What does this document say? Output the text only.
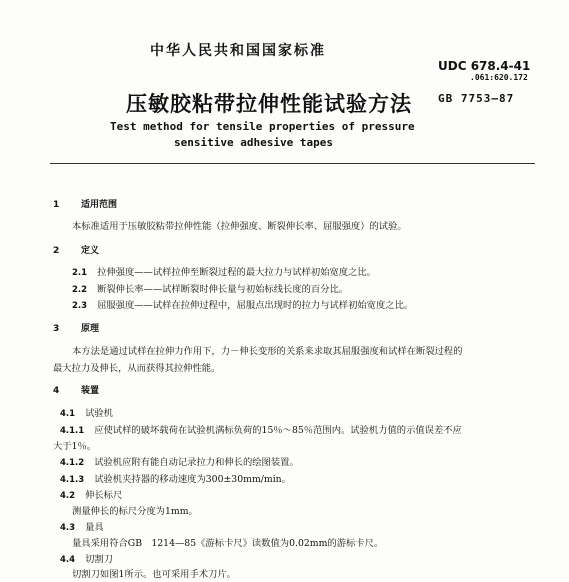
中华人民共和国国家标准
UDC 678.4-41
.061:620.172
压敏胶粘带拉伸性能试验方法 GB 7753—87
Test method for tensile properties of pressure
sensitive adhesive tapes
1 适用范围
本标准适用于压敏胶粘带拉伸性能（拉伸强度、断裂伸长率、屈服强度）的试验。
2 定义
2.1 拉伸强度——试样拉伸至断裂过程的最大拉力与试样初始宽度之比。
2.2 断裂伸长率——试样断裂时伸长量与初始标线长度的百分比。
2.3 屈服强度——试样在拉伸过程中，屈服点出现时的拉力与试样初始宽度之比。
3 原理
本方法是通过试样在拉伸力作用下，力－伸长变形的关系来求取其屈服强度和试样在断裂过程的
最大拉力及伸长，从而获得其拉伸性能。
4 装置
4.1 试验机
4.1.1 应使试样的破坏载荷在试验机满标负荷的15％～85％范围内。试验机力值的示值误差不应
大于1％。
4.1.2 试验机应附有能自动记录拉力和伸长的绘图装置。
4.1.3 试验机夹持器的移动速度为300±30mm/min。
4.2 伸长标尺
测量伸长的标尺分度为1mm。
4.3 量具
量具采用符合GB　1214—85《游标卡尺》读数值为0.02mm的游标卡尺。
4.4 切割刀
切割刀如图1所示。也可采用手术刀片。
